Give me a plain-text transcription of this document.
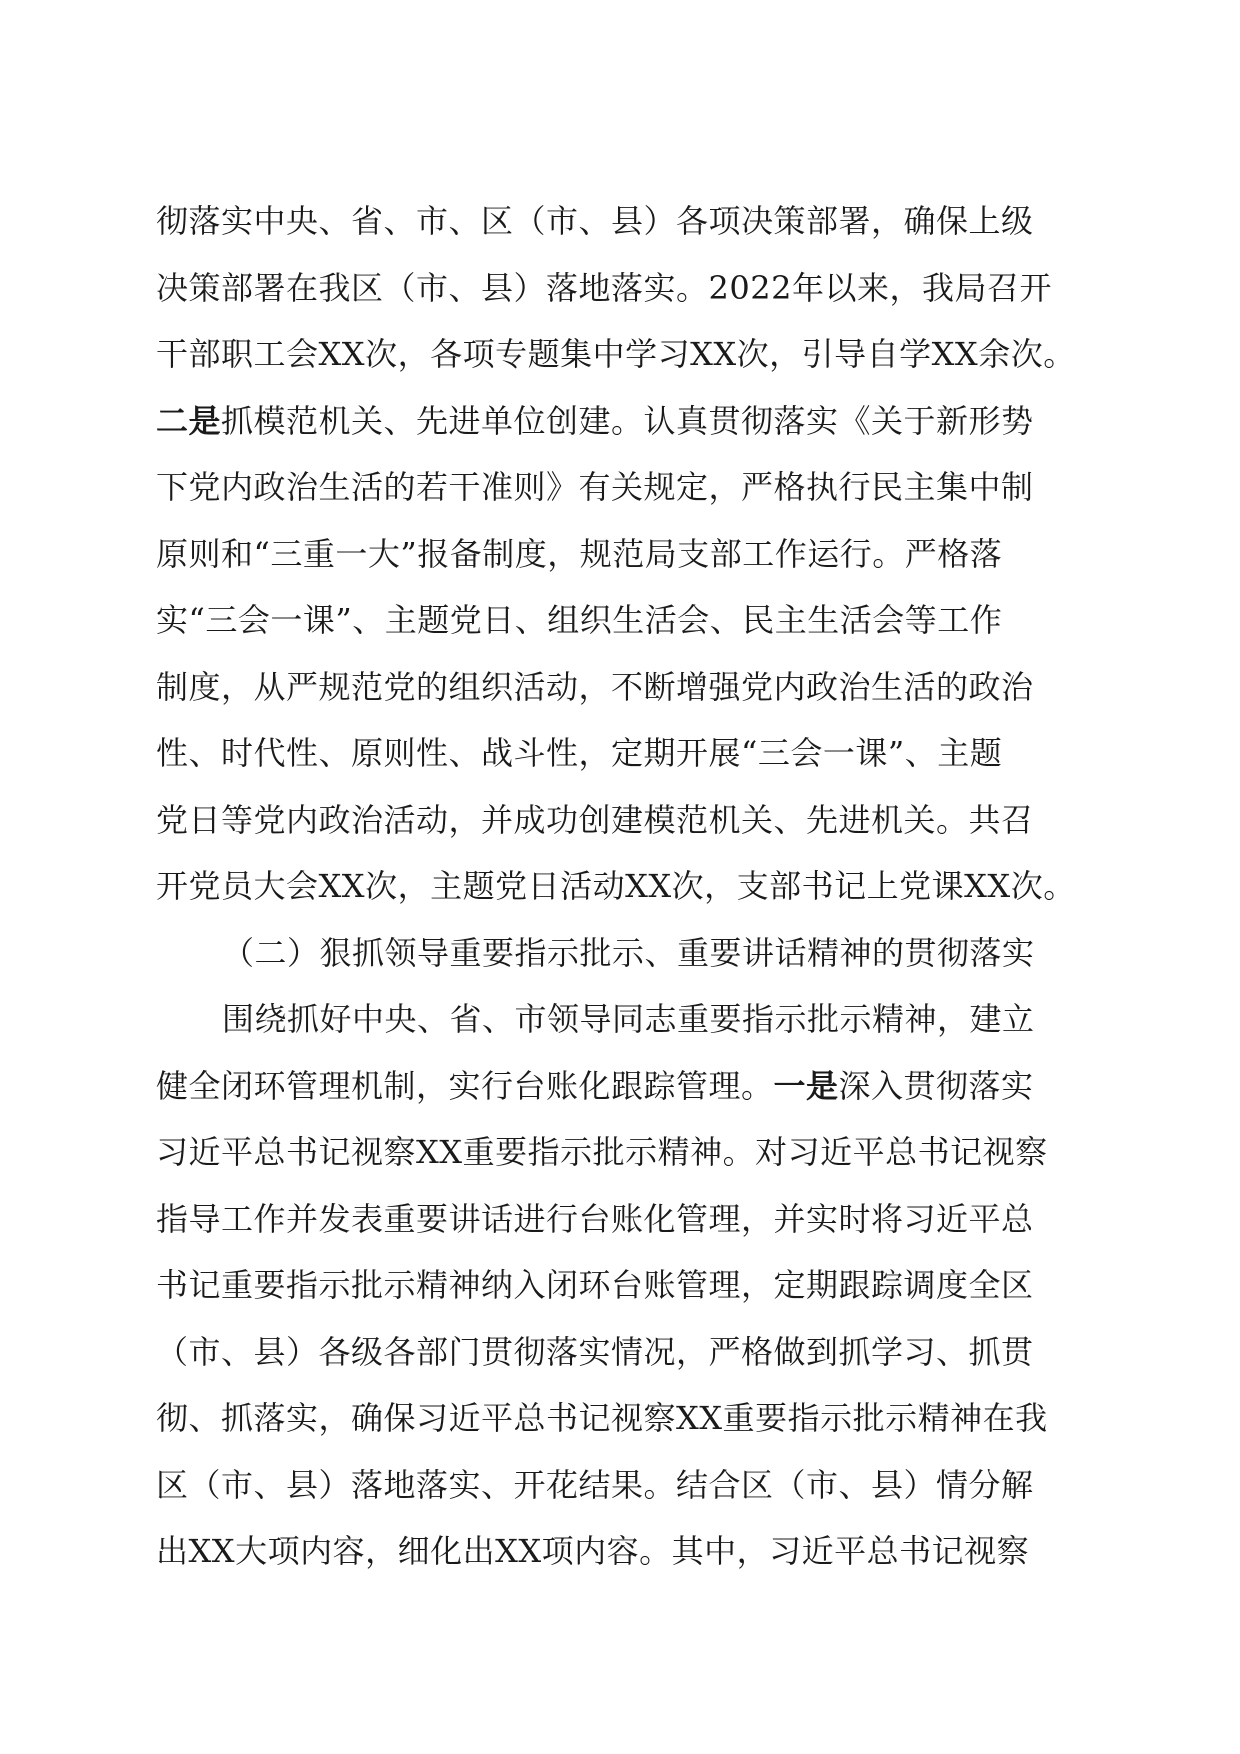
彻落实中央、省、市、区（市、县）各项决策部署，确保上级
决策部署在我区（市、县）落地落实。2022年以来，我局召开
干部职工会XX次，各项专题集中学习XX次，引导自学XX余次。
二是抓模范机关、先进单位创建。认真贯彻落实《关于新形势
下党内政治生活的若干准则》有关规定，严格执行民主集中制
原则和“三重一大”报备制度，规范局支部工作运行。严格落
实“三会一课”、主题党日、组织生活会、民主生活会等工作
制度，从严规范党的组织活动，不断增强党内政治生活的政治
性、时代性、原则性、战斗性，定期开展“三会一课”、主题
党日等党内政治活动，并成功创建模范机关、先进机关。共召
开党员大会XX次，主题党日活动XX次，支部书记上党课XX次。
（二）狠抓领导重要指示批示、重要讲话精神的贯彻落实
围绕抓好中央、省、市领导同志重要指示批示精神，建立
健全闭环管理机制，实行台账化跟踪管理。一是深入贯彻落实
习近平总书记视察XX重要指示批示精神。对习近平总书记视察
指导工作并发表重要讲话进行台账化管理，并实时将习近平总
书记重要指示批示精神纳入闭环台账管理，定期跟踪调度全区
（市、县）各级各部门贯彻落实情况，严格做到抓学习、抓贯
彻、抓落实，确保习近平总书记视察XX重要指示批示精神在我
区（市、县）落地落实、开花结果。结合区（市、县）情分解
出XX大项内容，细化出XX项内容。其中，习近平总书记视察
